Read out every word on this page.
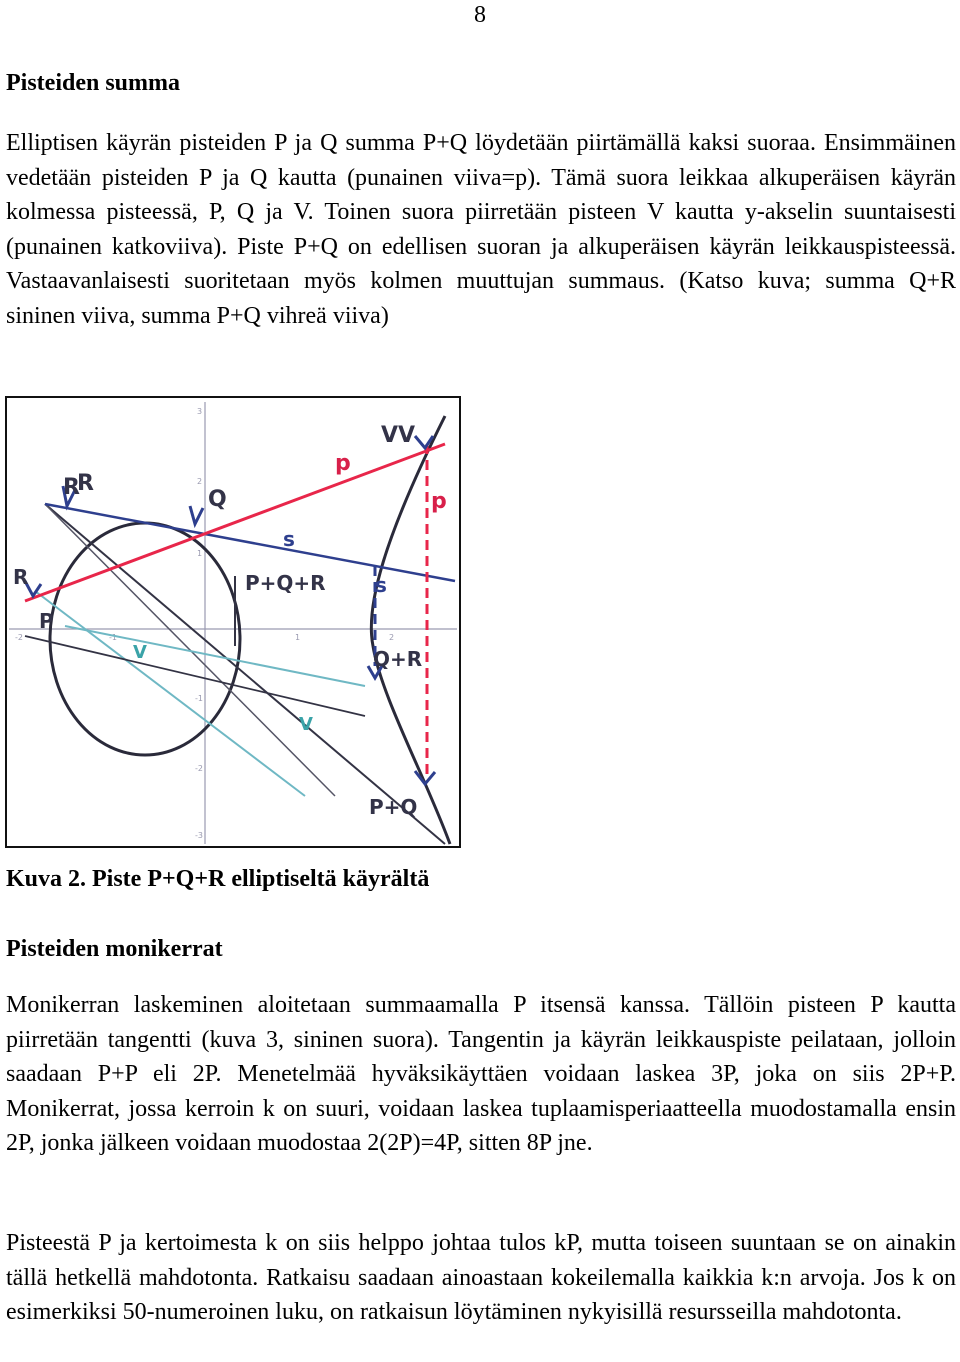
8
Pisteiden summa

Elliptisen käyrän pisteiden P ja Q summa P+Q löydetään piirtämällä kaksi suoraa. Ensimmäinen vedetään pisteiden P ja Q kautta (punainen viiva=p). Tämä suora leikkaa alkuperäisen käyrän kolmessa pisteessä, P, Q ja V. Toinen suora piirretään pisteen V kautta y-akselin suuntaisesti (punainen katkoviiva). Piste P+Q on edellisen suoran ja alkuperäisen käyrän leikkauspisteessä. Vastaavanlaisesti suoritetaan myös kolmen muuttujan summaus. (Katso kuva; summa Q+R sininen viiva, summa P+Q vihreä viiva)

3
2
1
-1
-2
-3
-2	-1	1	2
R
R
R
Q
VV
p
p
s
s
P+Q+R
P
V
V
Q+R
P+Q
Kuva 2. Piste P+Q+R elliptiseltä käyrältä
Pisteiden monikerrat

Monikerran laskeminen aloitetaan summaamalla P itsensä kanssa. Tällöin pisteen P kautta piirretään tangentti (kuva 3, sininen suora). Tangentin ja käyrän leikkauspiste peilataan, jolloin saadaan P+P eli 2P. Menetelmää hyväksikäyttäen voidaan laskea 3P, joka on siis 2P+P. Monikerrat, jossa kerroin k on suuri, voidaan laskea tuplaamisperiaatteella muodostamalla ensin 2P, jonka jälkeen voidaan muodostaa 2(2P)=4P, sitten 8P jne.

Pisteestä P ja kertoimesta k on siis helppo johtaa tulos kP, mutta toiseen suuntaan se on ainakin tällä hetkellä mahdotonta. Ratkaisu saadaan ainoastaan kokeilemalla kaikkia k:n arvoja. Jos k on esimerkiksi 50-numeroinen luku, on ratkaisun löytäminen nykyisillä resursseilla mahdotonta.
